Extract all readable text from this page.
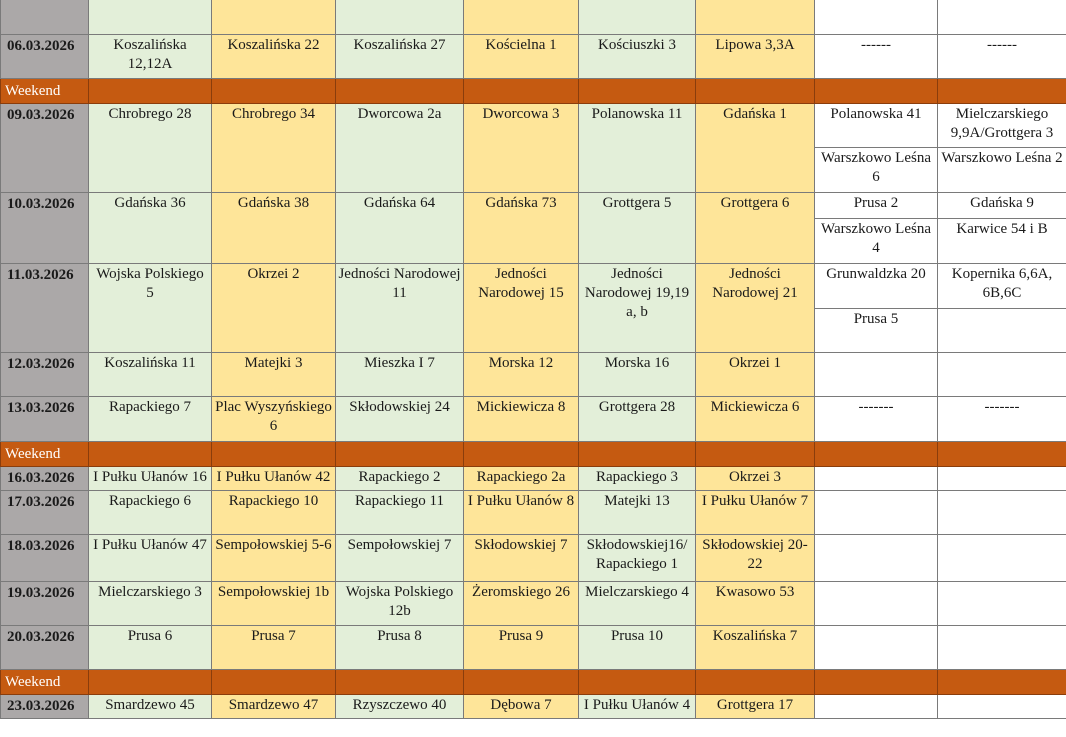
06.03.2026	Koszalińska 12,12A	Koszalińska 22	Koszalińska 27	Kościelna 1	Kościuszki 3	Lipowa 3,3A	------	------
Weekend								
09.03.2026	Chrobrego 28	Chrobrego 34	Dworcowa 2a	Dworcowa 3	Polanowska 11	Gdańska 1	Polanowska 41	Mielczarskiego 9,9A/Grottgera 3
							Warszkowo Leśna 6	Warszkowo Leśna 2
10.03.2026	Gdańska 36	Gdańska 38	Gdańska 64	Gdańska 73	Grottgera 5	Grottgera 6	Prusa 2	Gdańska 9
							Warszkowo Leśna 4	Karwice 54 i B
11.03.2026	Wojska Polskiego 5	Okrzei 2	Jedności Narodowej 11	Jedności Narodowej 15	Jedności Narodowej 19,19 a, b	Jedności Narodowej 21	Grunwaldzka 20	Kopernika 6,6A, 6B,6C
							Prusa 5	
12.03.2026	Koszalińska 11	Matejki 3	Mieszka I 7	Morska 12	Morska 16	Okrzei 1		
13.03.2026	Rapackiego 7	Plac Wyszyńskiego 6	Skłodowskiej 24	Mickiewicza 8	Grottgera 28	Mickiewicza 6	-------	-------
Weekend								
16.03.2026	I Pułku Ułanów 16	I Pułku Ułanów 42	Rapackiego 2	Rapackiego 2a	Rapackiego 3	Okrzei 3		
17.03.2026	Rapackiego 6	Rapackiego 10	Rapackiego 11	I Pułku Ułanów 8	Matejki 13	I Pułku Ułanów 7		
18.03.2026	I Pułku Ułanów 47	Sempołowskiej 5-6	Sempołowskiej 7	Skłodowskiej 7	Skłodowskiej16/ Rapackiego 1	Skłodowskiej 20-22		
19.03.2026	Mielczarskiego 3	Sempołowskiej 1b	Wojska Polskiego 12b	Żeromskiego 26	Mielczarskiego 4	Kwasowo 53		
20.03.2026	Prusa 6	Prusa 7	Prusa 8	Prusa 9	Prusa 10	Koszalińska 7		
Weekend								
23.03.2026	Smardzewo 45	Smardzewo 47	Rzyszczewo 40	Dębowa 7	I Pułku Ułanów 4	Grottgera 17		
